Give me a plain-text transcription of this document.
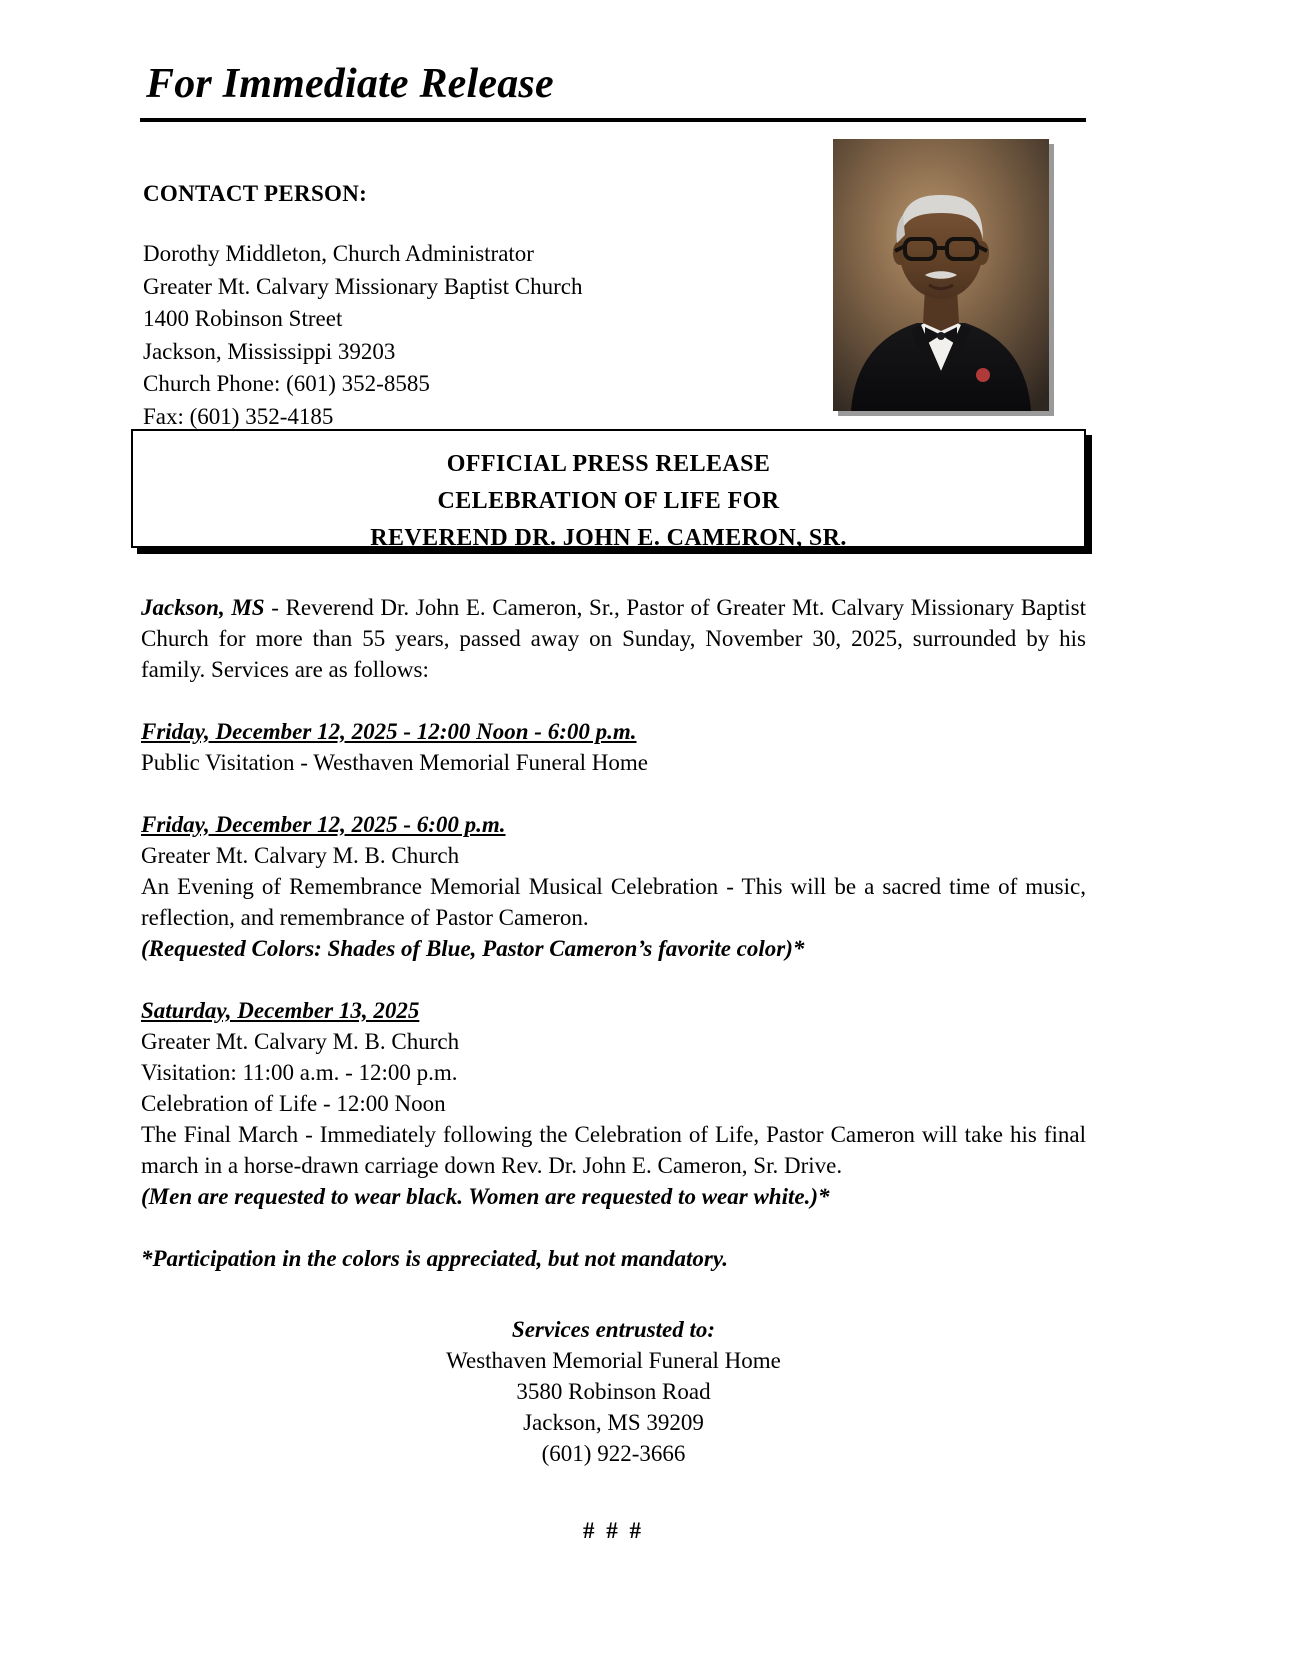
For Immediate Release
CONTACT PERSON:
Dorothy Middleton, Church Administrator
Greater Mt. Calvary Missionary Baptist Church
1400 Robinson Street
Jackson, Mississippi 39203
Church Phone: (601) 352-8585
Fax: (601) 352-4185
OFFICIAL PRESS RELEASE
CELEBRATION OF LIFE FOR
REVEREND DR. JOHN E. CAMERON, SR.

Jackson, MS - Reverend Dr. John E. Cameron, Sr., Pastor of Greater Mt. Calvary Missionary Baptist Church for more than 55 years, passed away on Sunday, November 30, 2025, surrounded by his family. Services are as follows:

Friday, December 12, 2025 - 12:00 Noon - 6:00 p.m.
Public Visitation - Westhaven Memorial Funeral Home
Friday, December 12, 2025 - 6:00 p.m.
Greater Mt. Calvary M. B. Church
An Evening of Remembrance Memorial Musical Celebration - This will be a sacred time of music, reflection, and remembrance of Pastor Cameron.
(Requested Colors: Shades of Blue, Pastor Cameron’s favorite color)*
Saturday, December 13, 2025
Greater Mt. Calvary M. B. Church
Visitation: 11:00 a.m. - 12:00 p.m.
Celebration of Life - 12:00 Noon
The Final March - Immediately following the Celebration of Life, Pastor Cameron will take his final march in a horse-drawn carriage down Rev. Dr. John E. Cameron, Sr. Drive.
(Men are requested to wear black. Women are requested to wear white.)*
*Participation in the colors is appreciated, but not mandatory.
Services entrusted to:
Westhaven Memorial Funeral Home
3580 Robinson Road
Jackson, MS 39209
(601) 922-3666
# # #
